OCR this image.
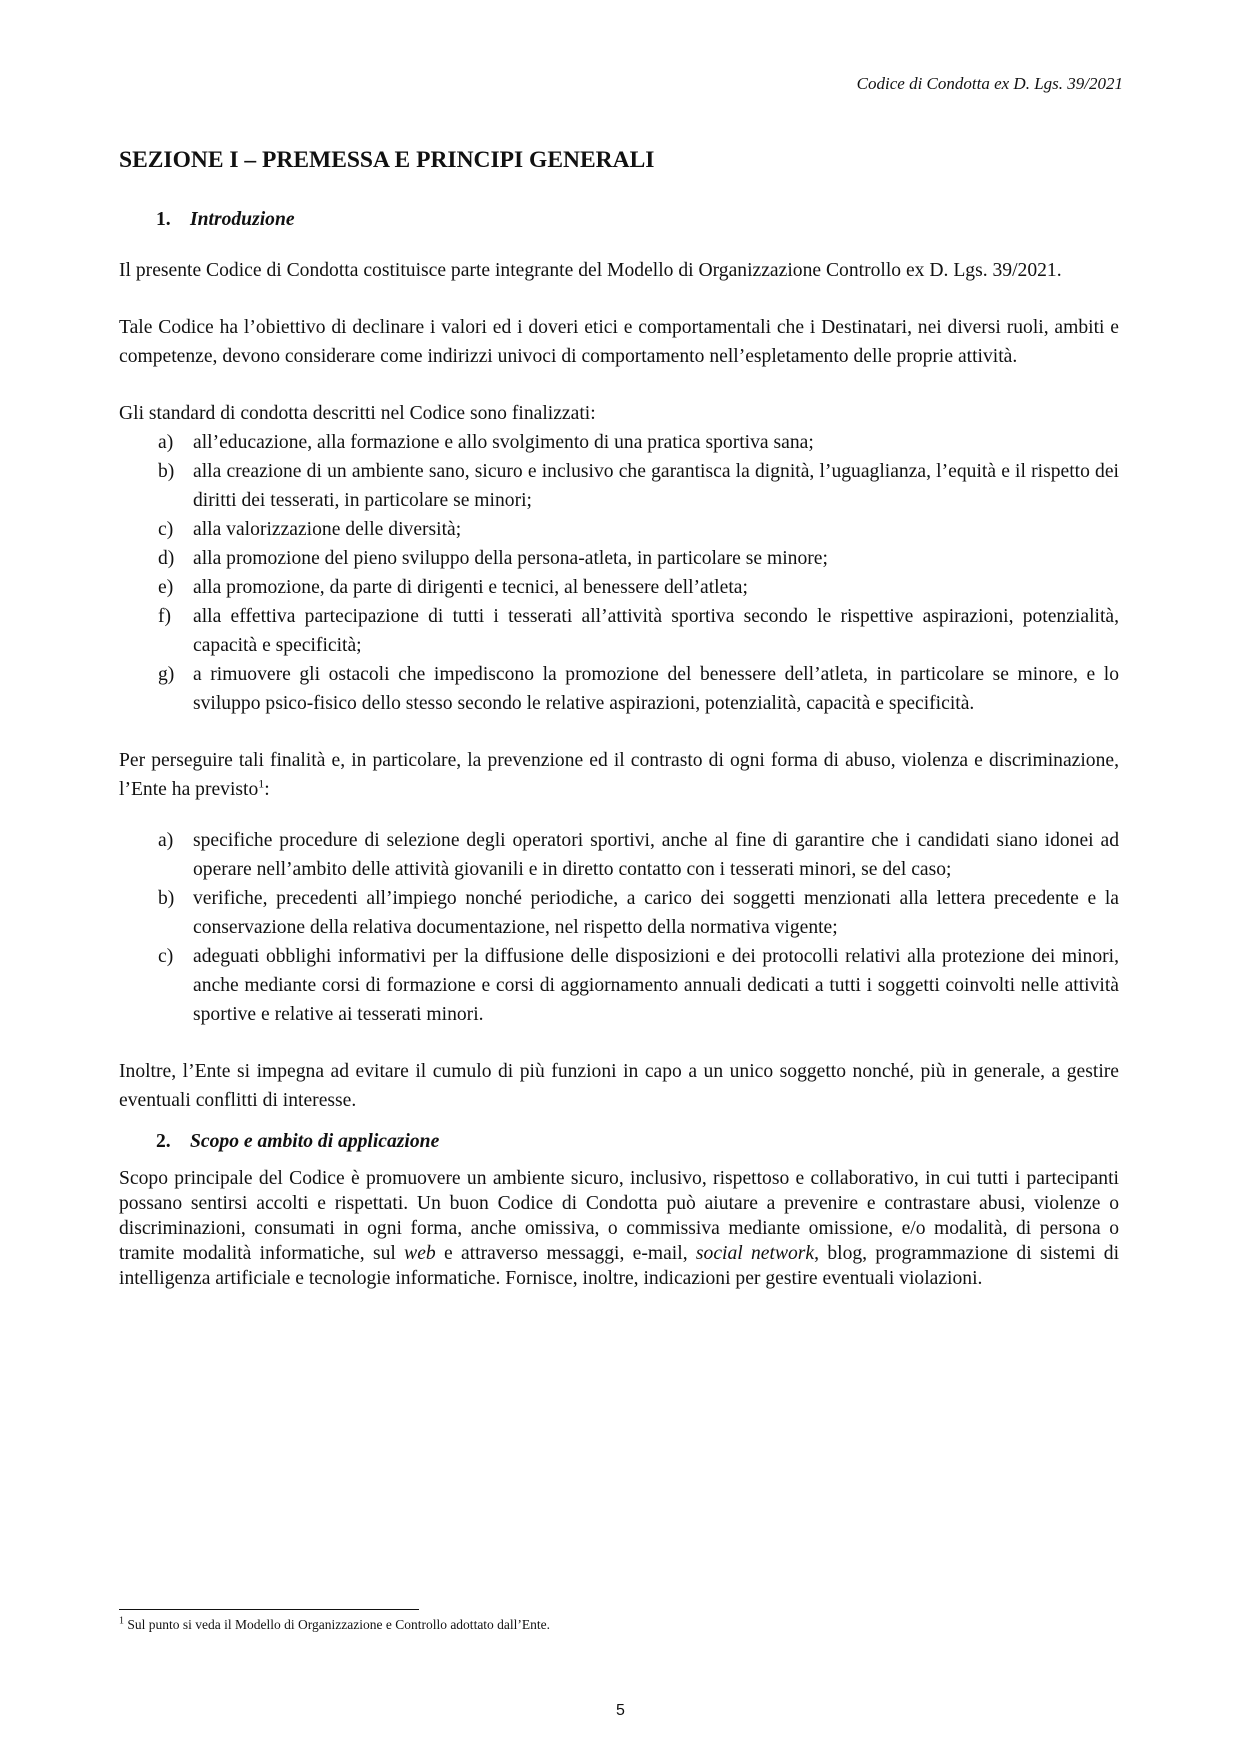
Codice di Condotta ex D. Lgs. 39/2021
SEZIONE I – PREMESSA E PRINCIPI GENERALI
1. Introduzione

Il presente Codice di Condotta costituisce parte integrante del Modello di Organizzazione Controllo ex D. Lgs. 39/2021.

Tale Codice ha l’obiettivo di declinare i valori ed i doveri etici e comportamentali che i Destinatari, nei diversi ruoli, ambiti e competenze, devono considerare come indirizzi univoci di comportamento nell’espletamento delle proprie attività.

Gli standard di condotta descritti nel Codice sono finalizzati:

a) all’educazione, alla formazione e allo svolgimento di una pratica sportiva sana;
b) alla creazione di un ambiente sano, sicuro e inclusivo che garantisca la dignità, l’uguaglianza, l’equità e il rispetto dei diritti dei tesserati, in particolare se minori;
c) alla valorizzazione delle diversità;
d) alla promozione del pieno sviluppo della persona-atleta, in particolare se minore;
e) alla promozione, da parte di dirigenti e tecnici, al benessere dell’atleta;
f) alla effettiva partecipazione di tutti i tesserati all’attività sportiva secondo le rispettive aspirazioni, potenzialità, capacità e specificità;
g) a rimuovere gli ostacoli che impediscono la promozione del benessere dell’atleta, in particolare se minore, e lo sviluppo psico-fisico dello stesso secondo le relative aspirazioni, potenzialità, capacità e specificità.

Per perseguire tali finalità e, in particolare, la prevenzione ed il contrasto di ogni forma di abuso, violenza e discriminazione, l’Ente ha previsto$^1$:

a) specifiche procedure di selezione degli operatori sportivi, anche al fine di garantire che i candidati siano idonei ad operare nell’ambito delle attività giovanili e in diretto contatto con i tesserati minori, se del caso;
b) verifiche, precedenti all’impiego nonché periodiche, a carico dei soggetti menzionati alla lettera precedente e la conservazione della relativa documentazione, nel rispetto della normativa vigente;
c) adeguati obblighi informativi per la diffusione delle disposizioni e dei protocolli relativi alla protezione dei minori, anche mediante corsi di formazione e corsi di aggiornamento annuali dedicati a tutti i soggetti coinvolti nelle attività sportive e relative ai tesserati minori.

Inoltre, l’Ente si impegna ad evitare il cumulo di più funzioni in capo a un unico soggetto nonché, più in generale, a gestire eventuali conflitti di interesse.

2. Scopo e ambito di applicazione

Scopo principale del Codice è promuovere un ambiente sicuro, inclusivo, rispettoso e collaborativo, in cui tutti i partecipanti possano sentirsi accolti e rispettati. Un buon Codice di Condotta può aiutare a prevenire e contrastare abusi, violenze o discriminazioni, consumati in ogni forma, anche omissiva, o commissiva mediante omissione, e/o modalità, di persona o tramite modalità informatiche, sul web e attraverso messaggi, e-mail, social network, blog, programmazione di sistemi di intelligenza artificiale e tecnologie informatiche. Fornisce, inoltre, indicazioni per gestire eventuali violazioni.

$^1$ Sul punto si veda il Modello di Organizzazione e Controllo adottato dall’Ente.
5
